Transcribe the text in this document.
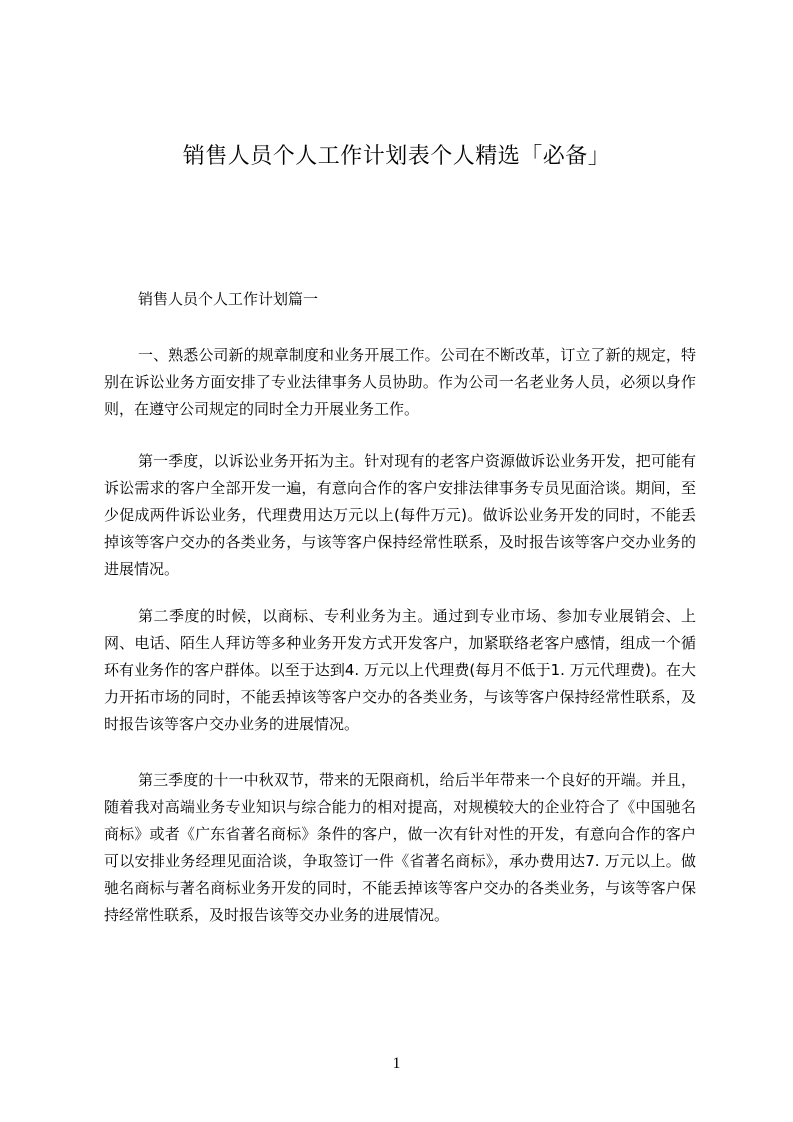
销售人员个人工作计划表个人精选「必备」
销售人员个人工作计划篇一

一、熟悉公司新的规章制度和业务开展工作。公司在不断改革，订立了新的规定，特别在诉讼业务方面安排了专业法律事务人员协助。作为公司一名老业务人员，必须以身作则，在遵守公司规定的同时全力开展业务工作。

第一季度，以诉讼业务开拓为主。针对现有的老客户资源做诉讼业务开发，把可能有诉讼需求的客户全部开发一遍，有意向合作的客户安排法律事务专员见面洽谈。期间，至少促成两件诉讼业务，代理费用达万元以上(每件万元)。做诉讼业务开发的同时，不能丢掉该等客户交办的各类业务，与该等客户保持经常性联系，及时报告该等客户交办业务的进展情况。

第二季度的时候，以商标、专利业务为主。通过到专业市场、参加专业展销会、上网、电话、陌生人拜访等多种业务开发方式开发客户，加紧联络老客户感情，组成一个循环有业务作的客户群体。以至于达到4. 万元以上代理费(每月不低于1. 万元代理费)。在大力开拓市场的同时，不能丢掉该等客户交办的各类业务，与该等客户保持经常性联系，及时报告该等客户交办业务的进展情况。

第三季度的十一中秋双节，带来的无限商机，给后半年带来一个良好的开端。并且，随着我对高端业务专业知识与综合能力的相对提高，对规模较大的企业符合了《中国驰名商标》或者《广东省著名商标》条件的客户，做一次有针对性的开发，有意向合作的客户可以安排业务经理见面洽谈，争取签订一件《省著名商标》，承办费用达7. 万元以上。做驰名商标与著名商标业务开发的同时，不能丢掉该等客户交办的各类业务，与该等客户保持经常性联系，及时报告该等交办业务的进展情况。

1
